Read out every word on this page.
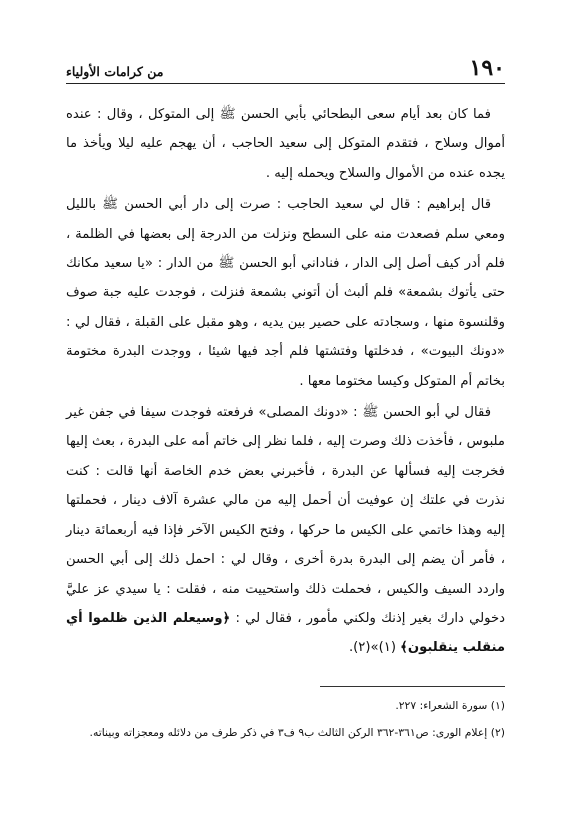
١٩٠
من كرامات الأولياء

فما كان بعد أيام سعى البطحائي بأبي الحسن ﷺ إلى المتوكل ، وقال : عنده أموال وسلاح ، فتقدم المتوكل إلى سعيد الحاجب ، أن يهجم عليه ليلا ويأخذ ما يجده عنده من الأموال والسلاح ويحمله إليه .

قال إبراهيم : قال لي سعيد الحاجب : صرت إلى دار أبي الحسن ﷺ بالليل ومعي سلم فصعدت منه على السطح ونزلت من الدرجة إلى بعضها في الظلمة ، فلم أدر كيف أصل إلى الدار ، فناداني أبو الحسن ﷺ من الدار : «يا سعيد مكانك حتى يأتوك بشمعة» فلم ألبث أن أتوني بشمعة فنزلت ، فوجدت عليه جبة صوف وقلنسوة منها ، وسجادته على حصير بين يديه ، وهو مقبل على القبلة ، فقال لي : «دونك البيوت» ، فدخلتها وفتشتها فلم أجد فيها شيئا ، ووجدت البدرة مختومة بخاتم أم المتوكل وكيسا مختوما معها .

فقال لي أبو الحسن ﷺ : «دونك المصلى» فرفعته فوجدت سيفا في جفن غير ملبوس ، فأخذت ذلك وصرت إليه ، فلما نظر إلى خاتم أمه على البدرة ، بعث إليها فخرجت إليه فسألها عن البدرة ، فأخبرني بعض خدم الخاصة أنها قالت : كنت نذرت في علتك إن عوفيت أن أحمل إليه من مالي عشرة آلاف دينار ، فحملتها إليه وهذا خاتمي على الكيس ما حركها ، وفتح الكيس الآخر فإذا فيه أربعمائة دينار ، فأمر أن يضم إلى البدرة بدرة أخرى ، وقال لي : احمل ذلك إلى أبي الحسن واردد السيف والكيس ، فحملت ذلك واستحييت منه ، فقلت : يا سيدي عز عليَّ دخولي دارك بغير إذنك ولكني مأمور ، فقال لي : ﴿وسيعلم الذين ظلموا أي منقلب ينقلبون﴾ (١)»(٢).

(١) سورة الشعراء: ٢٢٧.
(٢) إعلام الورى: ص٣٦١-٣٦٢ الركن الثالث ب٩ ف٣ في ذكر طرف من دلائله ومعجزاته وبيناته.
